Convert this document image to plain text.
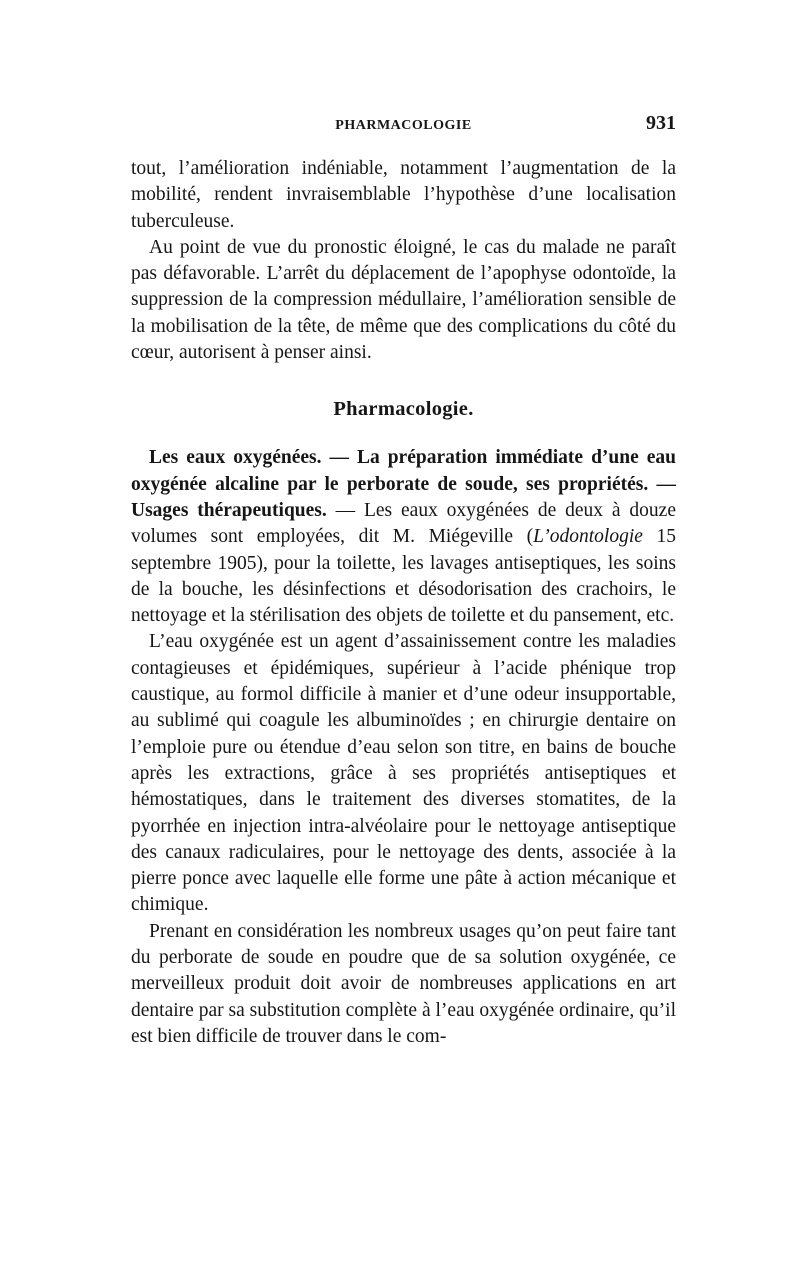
PHARMACOLOGIE	931

tout, l’amélioration indéniable, notamment l’augmentation de la mobilité, rendent invraisemblable l’hypothèse d’une localisation tuberculeuse.

Au point de vue du pronostic éloigné, le cas du malade ne paraît pas défavorable. L’arrêt du déplacement de l’apophyse odontoïde, la suppression de la compression médullaire, l’amélioration sensible de la mobilisation de la tête, de même que des complications du côté du cœur, autorisent à penser ainsi.

Pharmacologie.

Les eaux oxygénées. — La préparation immédiate d’une eau oxygénée alcaline par le perborate de soude, ses propriétés. — Usages thérapeutiques. — Les eaux oxygénées de deux à douze volumes sont employées, dit M. Miégeville (L’odontologie 15 septembre 1905), pour la toilette, les lavages antiseptiques, les soins de la bouche, les désinfections et désodorisation des crachoirs, le nettoyage et la stérilisation des objets de toilette et du pansement, etc.

L’eau oxygénée est un agent d’assainissement contre les maladies contagieuses et épidémiques, supérieur à l’acide phénique trop caustique, au formol difficile à manier et d’une odeur insupportable, au sublimé qui coagule les albuminoïdes ; en chirurgie dentaire on l’emploie pure ou étendue d’eau selon son titre, en bains de bouche après les extractions, grâce à ses propriétés antiseptiques et hémostatiques, dans le traitement des diverses stomatites, de la pyorrhée en injection intra-alvéolaire pour le nettoyage antiseptique des canaux radiculaires, pour le nettoyage des dents, associée à la pierre ponce avec laquelle elle forme une pâte à action mécanique et chimique.

Prenant en considération les nombreux usages qu’on peut faire tant du perborate de soude en poudre que de sa solution oxygénée, ce merveilleux produit doit avoir de nombreuses applications en art dentaire par sa substitution complète à l’eau oxygénée ordinaire, qu’il est bien difficile de trouver dans le com-
